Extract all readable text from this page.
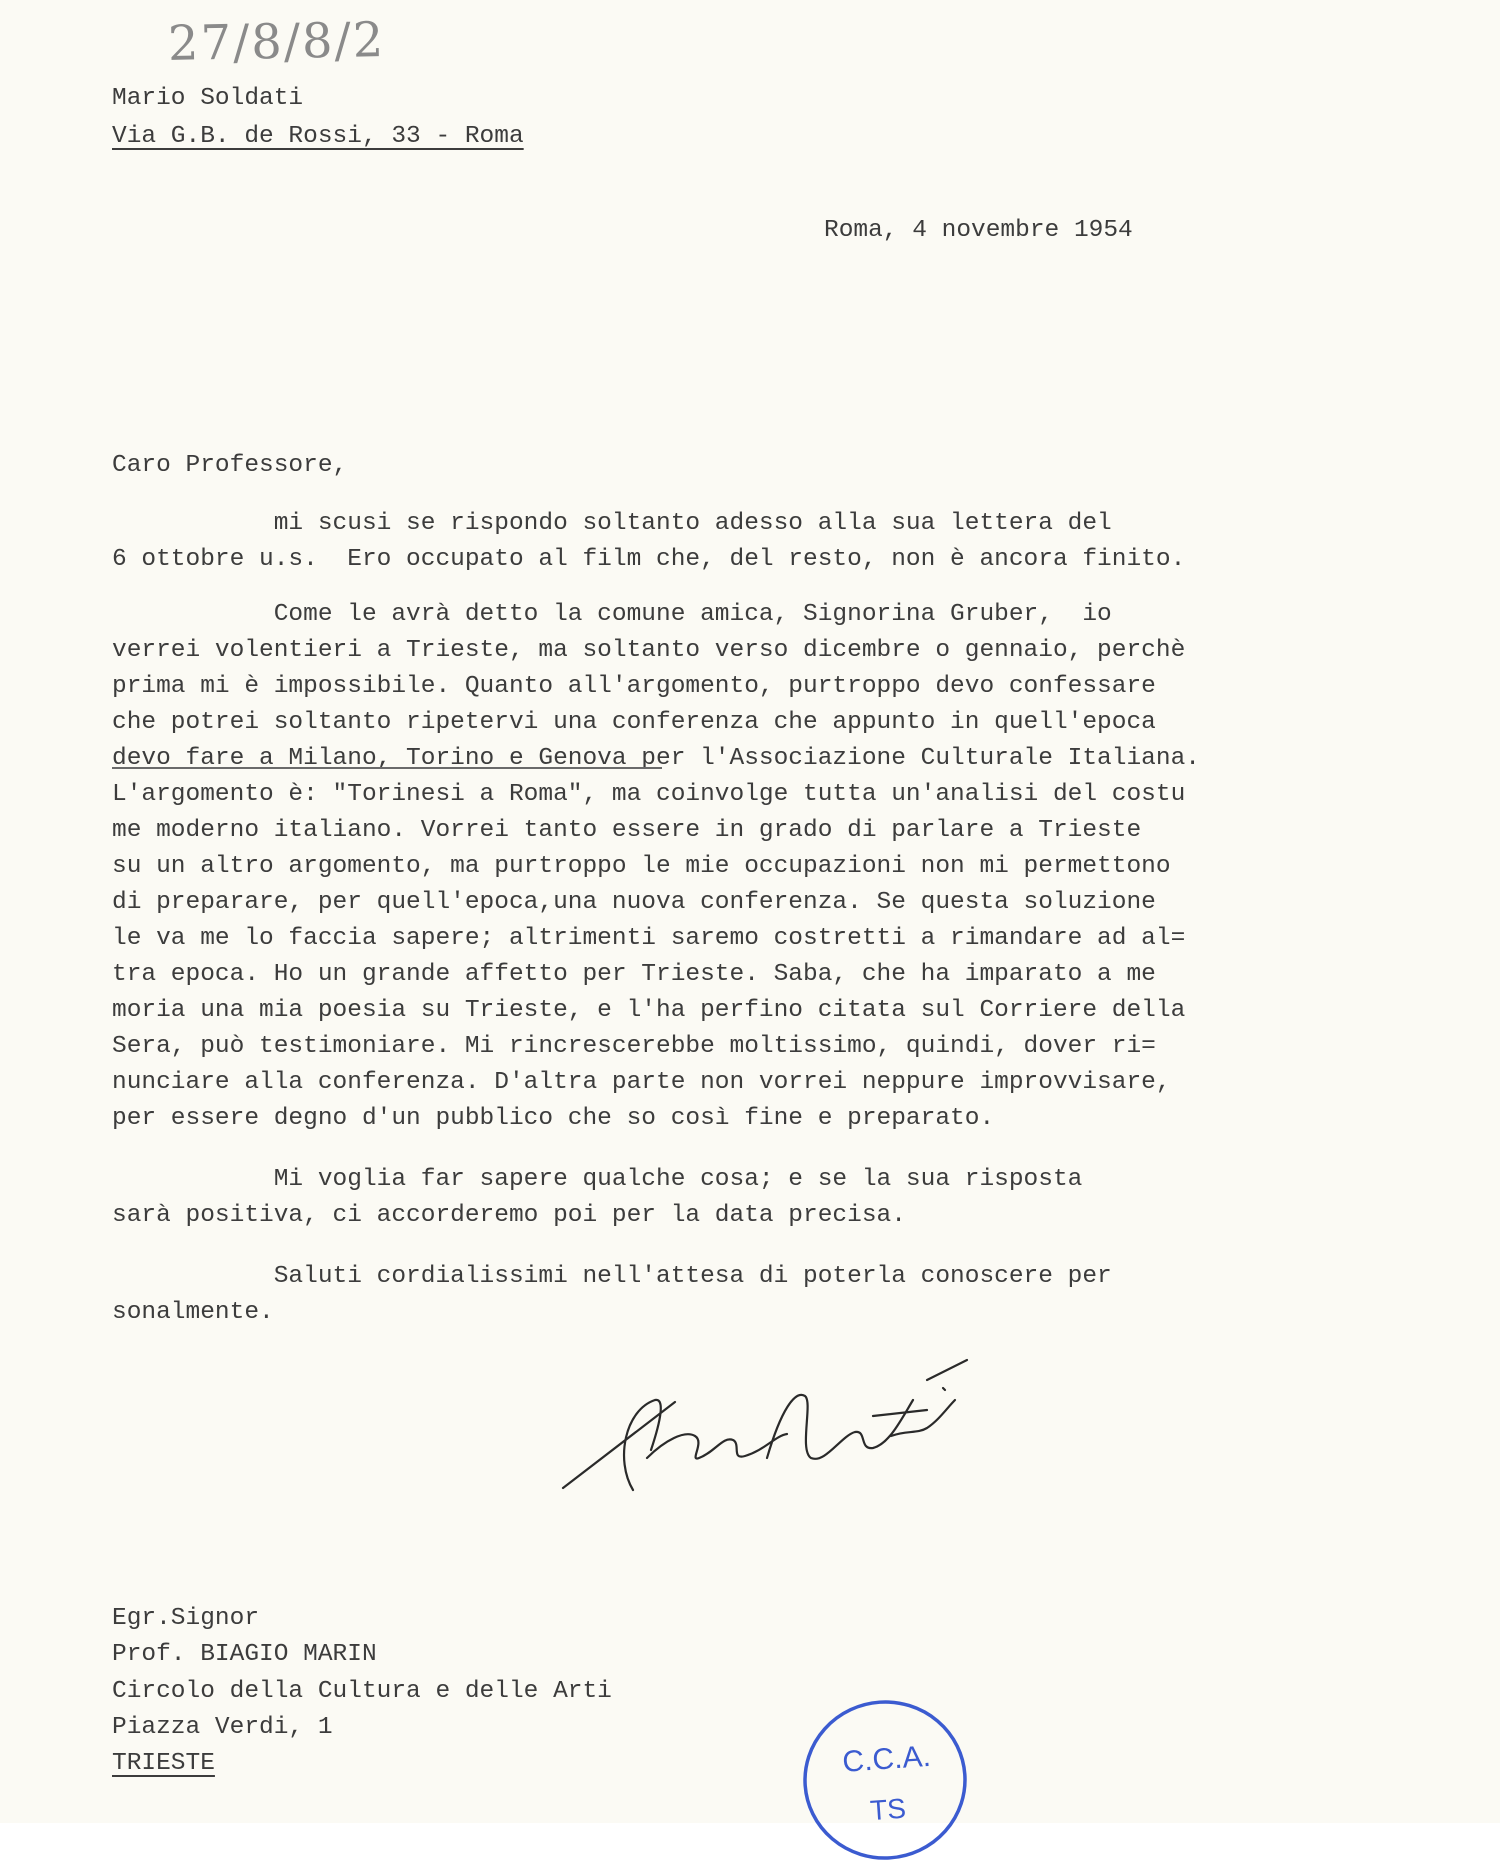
27/8/8/2
Mario Soldati
Via G.B. de Rossi, 33 - Roma
Roma, 4 novembre 1954
Caro Professore,
mi scusi se rispondo soltanto adesso alla sua lettera del
6 ottobre u.s.  Ero occupato al film che, del resto, non è ancora finito.
Come le avrà detto la comune amica, Signorina Gruber,  io
verrei volentieri a Trieste, ma soltanto verso dicembre o gennaio, perchè
prima mi è impossibile. Quanto all'argomento, purtroppo devo confessare
che potrei soltanto ripetervi una conferenza che appunto in quell'epoca
devo fare a Milano, Torino e Genova per l'Associazione Culturale Italiana.
L'argomento è: "Torinesi a Roma", ma coinvolge tutta un'analisi del costu
me moderno italiano. Vorrei tanto essere in grado di parlare a Trieste
su un altro argomento, ma purtroppo le mie occupazioni non mi permettono
di preparare, per quell'epoca,una nuova conferenza. Se questa soluzione
le va me lo faccia sapere; altrimenti saremo costretti a rimandare ad al=
tra epoca. Ho un grande affetto per Trieste. Saba, che ha imparato a me
moria una mia poesia su Trieste, e l'ha perfino citata sul Corriere della
Sera, può testimoniare. Mi rincrescerebbe moltissimo, quindi, dover ri=
nunciare alla conferenza. D'altra parte non vorrei neppure improvvisare,
per essere degno d'un pubblico che so così fine e preparato.
Mi voglia far sapere qualche cosa; e se la sua risposta
sarà positiva, ci accorderemo poi per la data precisa.
Saluti cordialissimi nell'attesa di poterla conoscere per
sonalmente.
Egr.Signor
Prof. BIAGIO MARIN
Circolo della Cultura e delle Arti
Piazza Verdi, 1
TRIESTE	C.C.A.
TS
